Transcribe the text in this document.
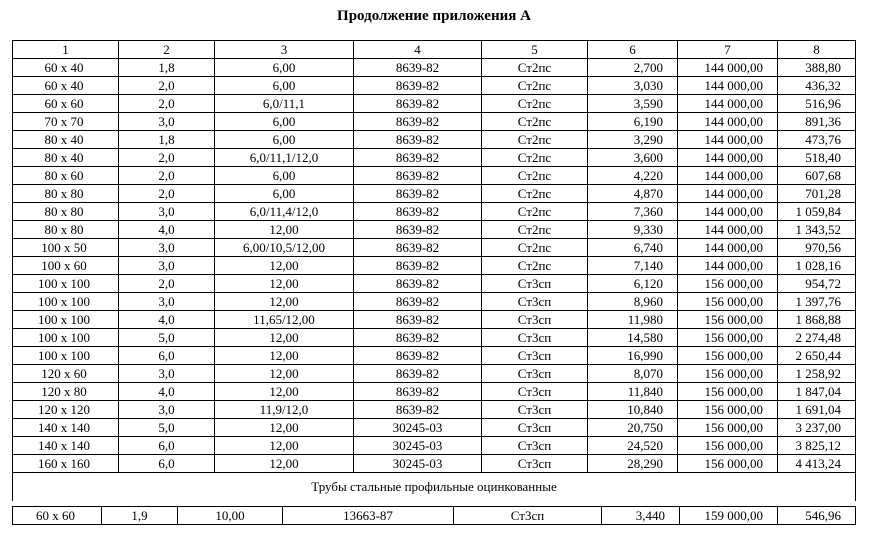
Продолжение приложения А
1	2	3	4	5	6	7	8
60 х 40	1,8	6,00	8639-82	Ст2пс	2,700	144 000,00	388,80
60 х 40	2,0	6,00	8639-82	Ст2пс	3,030	144 000,00	436,32
60 х 60	2,0	6,0/11,1	8639-82	Ст2пс	3,590	144 000,00	516,96
70 х 70	3,0	6,00	8639-82	Ст2пс	6,190	144 000,00	891,36
80 х 40	1,8	6,00	8639-82	Ст2пс	3,290	144 000,00	473,76
80 х 40	2,0	6,0/11,1/12,0	8639-82	Ст2пс	3,600	144 000,00	518,40
80 х 60	2,0	6,00	8639-82	Ст2пс	4,220	144 000,00	607,68
80 х 80	2,0	6,00	8639-82	Ст2пс	4,870	144 000,00	701,28
80 х 80	3,0	6,0/11,4/12,0	8639-82	Ст2пс	7,360	144 000,00	1 059,84
80 х 80	4,0	12,00	8639-82	Ст2пс	9,330	144 000,00	1 343,52
100 х 50	3,0	6,00/10,5/12,00	8639-82	Ст2пс	6,740	144 000,00	970,56
100 х 60	3,0	12,00	8639-82	Ст2пс	7,140	144 000,00	1 028,16
100 х 100	2,0	12,00	8639-82	Ст3сп	6,120	156 000,00	954,72
100 х 100	3,0	12,00	8639-82	Ст3сп	8,960	156 000,00	1 397,76
100 х 100	4,0	11,65/12,00	8639-82	Ст3сп	11,980	156 000,00	1 868,88
100 х 100	5,0	12,00	8639-82	Ст3сп	14,580	156 000,00	2 274,48
100 х 100	6,0	12,00	8639-82	Ст3сп	16,990	156 000,00	2 650,44
120 х 60	3,0	12,00	8639-82	Ст3сп	8,070	156 000,00	1 258,92
120 х 80	4,0	12,00	8639-82	Ст3сп	11,840	156 000,00	1 847,04
120 х 120	3,0	11,9/12,0	8639-82	Ст3сп	10,840	156 000,00	1 691,04
140 х 140	5,0	12,00	30245-03	Ст3сп	20,750	156 000,00	3 237,00
140 х 140	6,0	12,00	30245-03	Ст3сп	24,520	156 000,00	3 825,12
160 х 160	6,0	12,00	30245-03	Ст3сп	28,290	156 000,00	4 413,24
Трубы стальные профильные оцинкованные							
60 х 60	1,9	10,00	13663-87	Ст3сп	3,440	159 000,00	546,96
